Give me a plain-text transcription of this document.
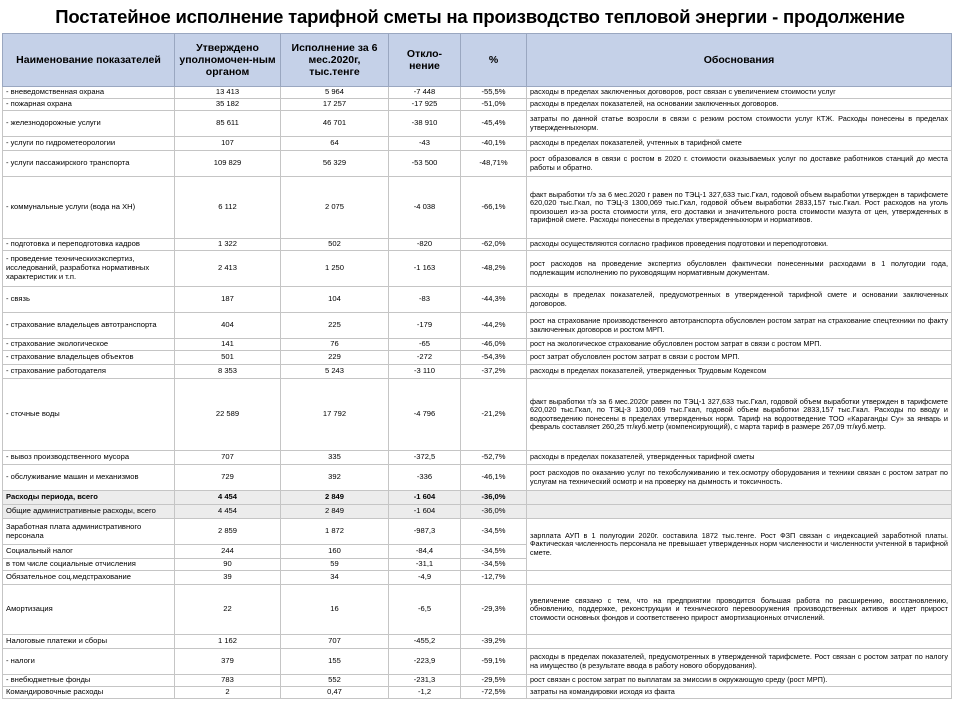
Постатейное исполнение тарифной сметы на производство тепловой энергии - продолжение
Наименование показателей	Утверждено уполномочен-ным органом	Исполнение за 6 мес.2020г, тыс.тенге	Откло-нение	%	Обоснования
- вневедомственная охрана	13 413	5 964	-7 448	-55,5%	расходы в пределах заключенных договоров, рост связан с увеличением стоимости услуг
- пожарная охрана	35 182	17 257	-17 925	-51,0%	расходы в пределах показателей, на основании заключенных договоров.
- железнодорожные услуги	85 611	46 701	-38 910	-45,4%	затраты по данной статье возросли в связи с резким ростом стоимости услуг КТЖ. Расходы понесены в пределах утвержденныхнорм.
- услуги по гидрометеорологии	107	64	-43	-40,1%	расходы в пределах показателей, учтенных в тарифной смете
- услуги пассажирского транспорта	109 829	56 329	-53 500	-48,71%	рост образовался в связи с ростом в 2020 г. стоимости оказываемых услуг по доставке работников станций до места работы и обратно.
- коммунальные услуги (вода на ХН)	6 112	2 075	-4 038	-66,1%	факт выработки т/э за 6 мес.2020 г равен по ТЭЦ-1 327,633 тыс.Гкал, годовой объем выработки утвержден в тарифсмете 620,020 тыс.Гкал, по ТЭЦ-3 1300,069 тыс.Гкал, годовой объем выработки 2833,157 тыс.Гкал. Рост расходов на уголь произошел из-за роста стоимости угля, его доставки и значительного роста стоимости мазута от цен, утвержденных в тарифной смете. Расходы понесены в пределах утвержденныхнорм и нормативов.
- подготовка и переподготовка кадров	1 322	502	-820	-62,0%	расходы осуществляются согласно графиков проведения подготовки и переподготовки.
- проведение техническихэкспертиз, исследований, разработка нормативных характеристик и т.п.	2 413	1 250	-1 163	-48,2%	рост расходов на проведение экспертиз обусловлен фактически понесенными расходами в 1 полугодии года, подлежащим исполнению по руководящим нормативным документам.
- связь	187	104	-83	-44,3%	расходы в пределах показателей, предусмотренных в утвержденной тарифной смете и основании заключенных договоров.
- страхование владельцев автотранспорта	404	225	-179	-44,2%	рост на страхование производственного автотранспорта обусловлен ростом затрат на страхование спецтехники по факту заключенных договоров и ростом МРП.
- страхование экологическое	141	76	-65	-46,0%	рост на экологическое страхование обусловлен ростом затрат в связи с ростом МРП.
- страхование владельцев объектов	501	229	-272	-54,3%	рост затрат обусловлен ростом затрат в связи с ростом МРП.
- страхование работодателя	8 353	5 243	-3 110	-37,2%	расходы в пределах показателей, утвержденных Трудовым Кодексом
- сточные воды	22 589	17 792	-4 796	-21,2%	факт выработки т/э за 6 мес.2020г равен по ТЭЦ-1 327,633 тыс.Гкал, годовой объем выработки утвержден в тарифсмете 620,020 тыс.Гкал, по ТЭЦ-3 1300,069 тыс.Гкал, годовой объем выработки 2833,157 тыс.Гкал. Расходы по вводу и водоотведению понесены в пределах утвержденных норм. Тариф на водоотведение ТОО «Караганды Су» за январь и февраль составляет 260,25 тг/куб.метр (компенсирующий), с марта тариф в размере 267,09 тг/куб.метр.
- вывоз производственного мусора	707	335	-372,5	-52,7%	расходы в пределах показателей, утвержденных тарифной сметы
- обслуживание машин и механизмов	729	392	-336	-46,1%	рост расходов по оказанию услуг по техобслуживанию и тех.осмотру оборудования и техники связан с ростом затрат по услугам на технический осмотр и на проверку на дымность и токсичность.
Расходы периода, всего	4 454	2 849	-1 604	-36,0%	
Общие административные расходы, всего	4 454	2 849	-1 604	-36,0%	
Заработная плата административного персонала	2 859	1 872	-987,3	-34,5%	зарплата АУП в 1 полугодии 2020г. составила 1872 тыс.тенге. Рост ФЗП связан с индексацией заработной платы. Фактическая численность персонала не превышает утвержденных норм численности и численности учтенной в тарифной смете.
Социальный налог	244	160	-84,4	-34,5%	
в том числе социальные отчисления	90	59	-31,1	-34,5%	
Обязательное соц.медстрахование	39	34	-4,9	-12,7%	
Амортизация	22	16	-6,5	-29,3%	увеличение связано с тем, что на предприятии проводится большая работа по расширению, восстановлению, обновлению, поддержке, реконструкции и технического перевооружения производственных активов и идет прирост стоимости основных фондов и соответственно прирост амортизационных отчислений.
Налоговые платежи и сборы	1 162	707	-455,2	-39,2%	
- налоги	379	155	-223,9	-59,1%	расходы в пределах показателей, предусмотренных в утвержденной тарифсмете. Рост связан с ростом затрат по налогу на имущество (в результате ввода в работу нового оборудования).
- внебюджетные фонды	783	552	-231,3	-29,5%	рост связан с ростом затрат по выплатам за эмиссии в окружающую среду (рост МРП).
Командировочные расходы	2	0,47	-1,2	-72,5%	затраты на командировки исходя из факта
